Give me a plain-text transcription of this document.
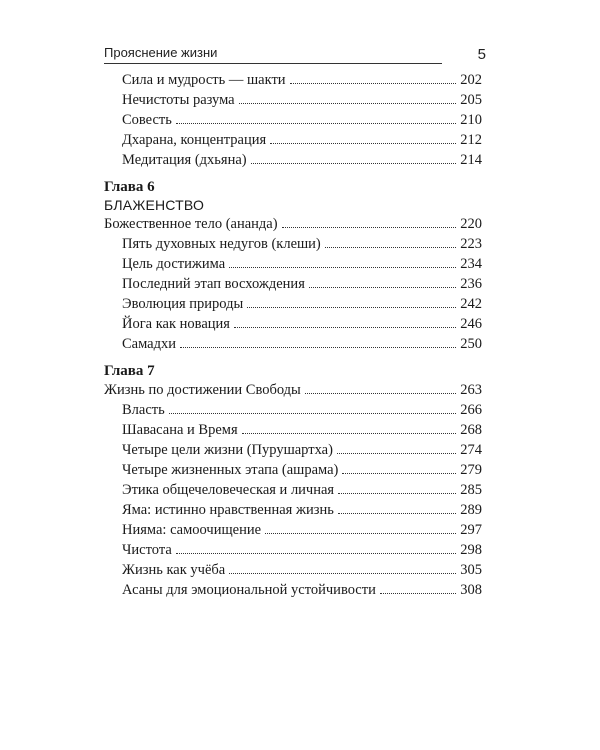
Прояснение жизни	5
Сила и мудрость — шакти	202
Нечистоты разума	205
Совесть	210
Дхарана, концентрация	212
Медитация (дхьяна)	214
Глава 6
БЛАЖЕНСТВО
Божественное тело (ананда)	220
Пять духовных недугов (клеши)	223
Цель достижима	234
Последний этап восхождения	236
Эволюция природы	242
Йога как новация	246
Самадхи	250
Глава 7
Жизнь по достижении Свободы	263
Власть	266
Шавасана и Время	268
Четыре цели жизни (Пурушартха)	274
Четыре жизненных этапа (ашрама)	279
Этика общечеловеческая и личная	285
Яма: истинно нравственная жизнь	289
Нияма: самоочищение	297
Чистота	298
Жизнь как учёба	305
Асаны для эмоциональной устойчивости	308
